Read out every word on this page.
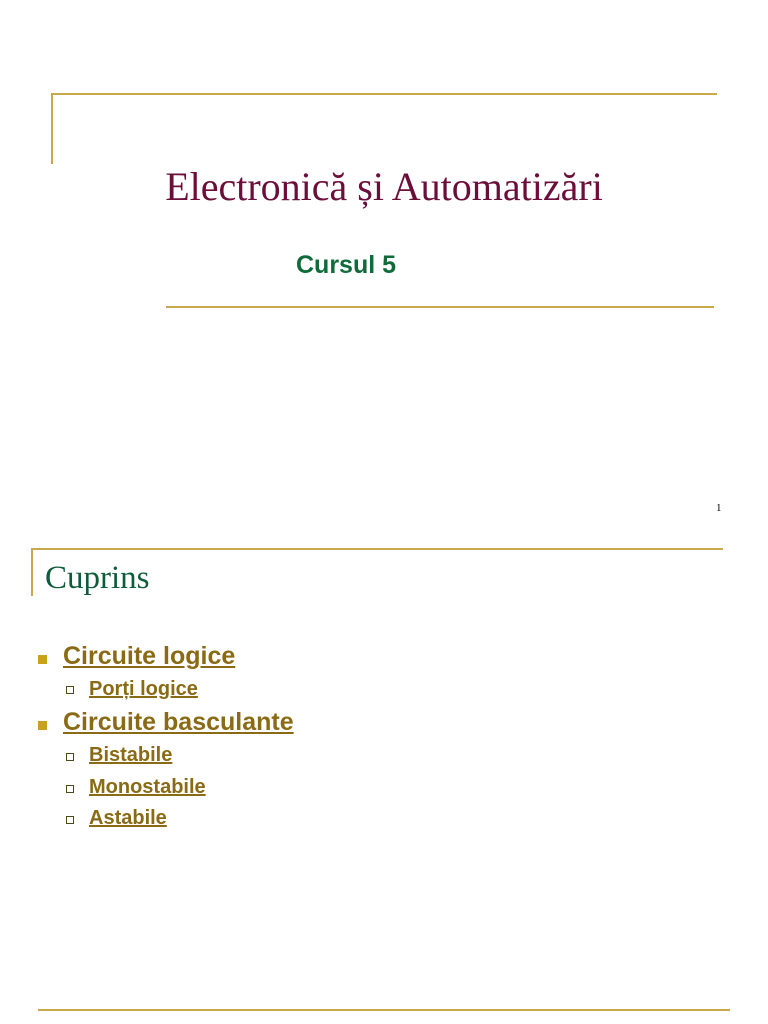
Electronică și Automatizări
Cursul 5
1
Cuprins
Circuite logice
Porți logice
Circuite basculante
Bistabile
Monostabile
Astabile
